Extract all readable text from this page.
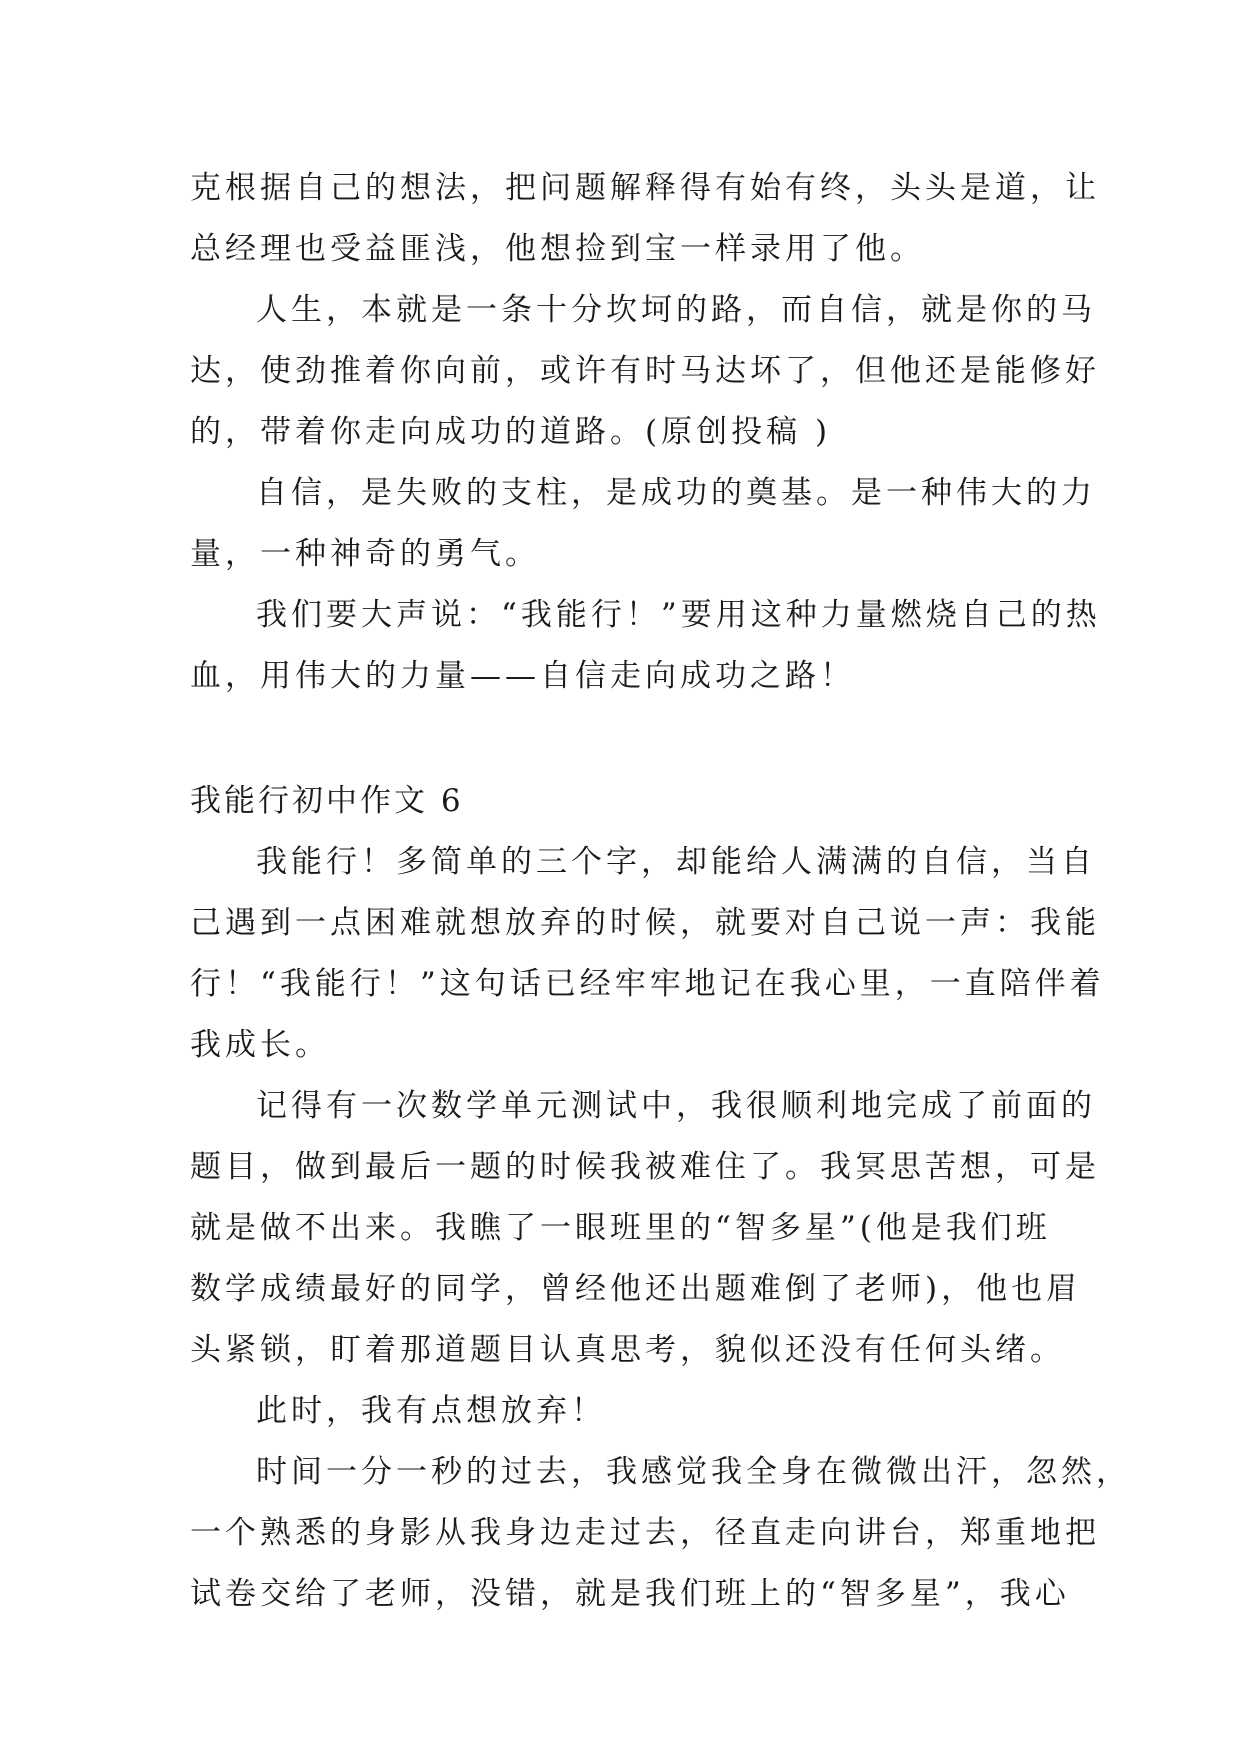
克根据自己的想法，把问题解释得有始有终，头头是道，让
总经理也受益匪浅，他想捡到宝一样录用了他。
人生，本就是一条十分坎坷的路，而自信，就是你的马
达，使劲推着你向前，或许有时马达坏了，但他还是能修好
的，带着你走向成功的道路。(原创投稿 )
自信，是失败的支柱，是成功的奠基。是一种伟大的力
量，一种神奇的勇气。
我们要大声说：“我能行！”要用这种力量燃烧自己的热
血，用伟大的力量——自信走向成功之路！
我能行初中作文 6
我能行！多简单的三个字，却能给人满满的自信，当自
己遇到一点困难就想放弃的时候，就要对自己说一声：我能
行！“我能行！”这句话已经牢牢地记在我心里，一直陪伴着
我成长。
记得有一次数学单元测试中，我很顺利地完成了前面的
题目，做到最后一题的时候我被难住了。我冥思苦想，可是
就是做不出来。我瞧了一眼班里的“智多星”(他是我们班
数学成绩最好的同学，曾经他还出题难倒了老师)，他也眉
头紧锁，盯着那道题目认真思考，貌似还没有任何头绪。
此时，我有点想放弃！
时间一分一秒的过去，我感觉我全身在微微出汗，忽然，
一个熟悉的身影从我身边走过去，径直走向讲台，郑重地把
试卷交给了老师，没错，就是我们班上的“智多星”，我心
